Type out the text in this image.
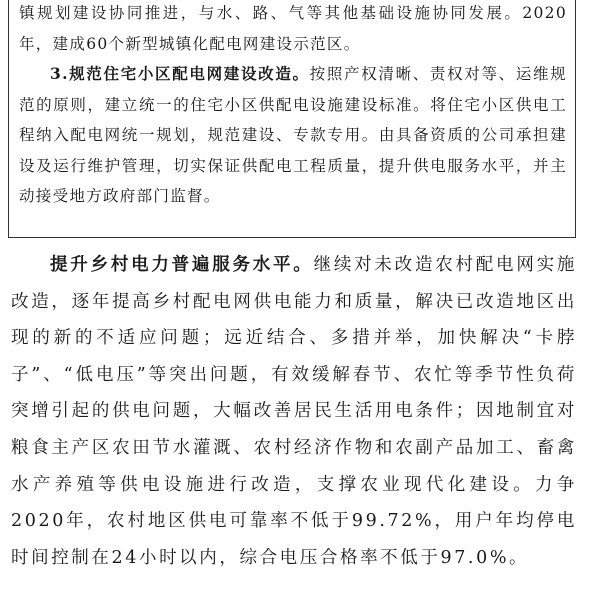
镇规划建设协同推进，与水、路、气等其他基础设施协同发展。2020年，建成60个新型城镇化配电网建设示范区。

3.规范住宅小区配电网建设改造。按照产权清晰、责权对等、运维规范的原则，建立统一的住宅小区供配电设施建设标准。将住宅小区供电工程纳入配电网统一规划，规范建设、专款专用。由具备资质的公司承担建设及运行维护管理，切实保证供配电工程质量，提升供电服务水平，并主动接受地方政府部门监督。

提升乡村电力普遍服务水平。继续对未改造农村配电网实施改造，逐年提高乡村配电网供电能力和质量，解决已改造地区出现的新的不适应问题；远近结合、多措并举，加快解决“卡脖子”、“低电压”等突出问题，有效缓解春节、农忙等季节性负荷突增引起的供电问题，大幅改善居民生活用电条件；因地制宜对粮食主产区农田节水灌溉、农村经济作物和农副产品加工、畜禽水产养殖等供电设施进行改造，支撑农业现代化建设。力争2020年，农村地区供电可靠率不低于99.72%，用户年均停电时间控制在24小时以内，综合电压合格率不低于97.0%。
